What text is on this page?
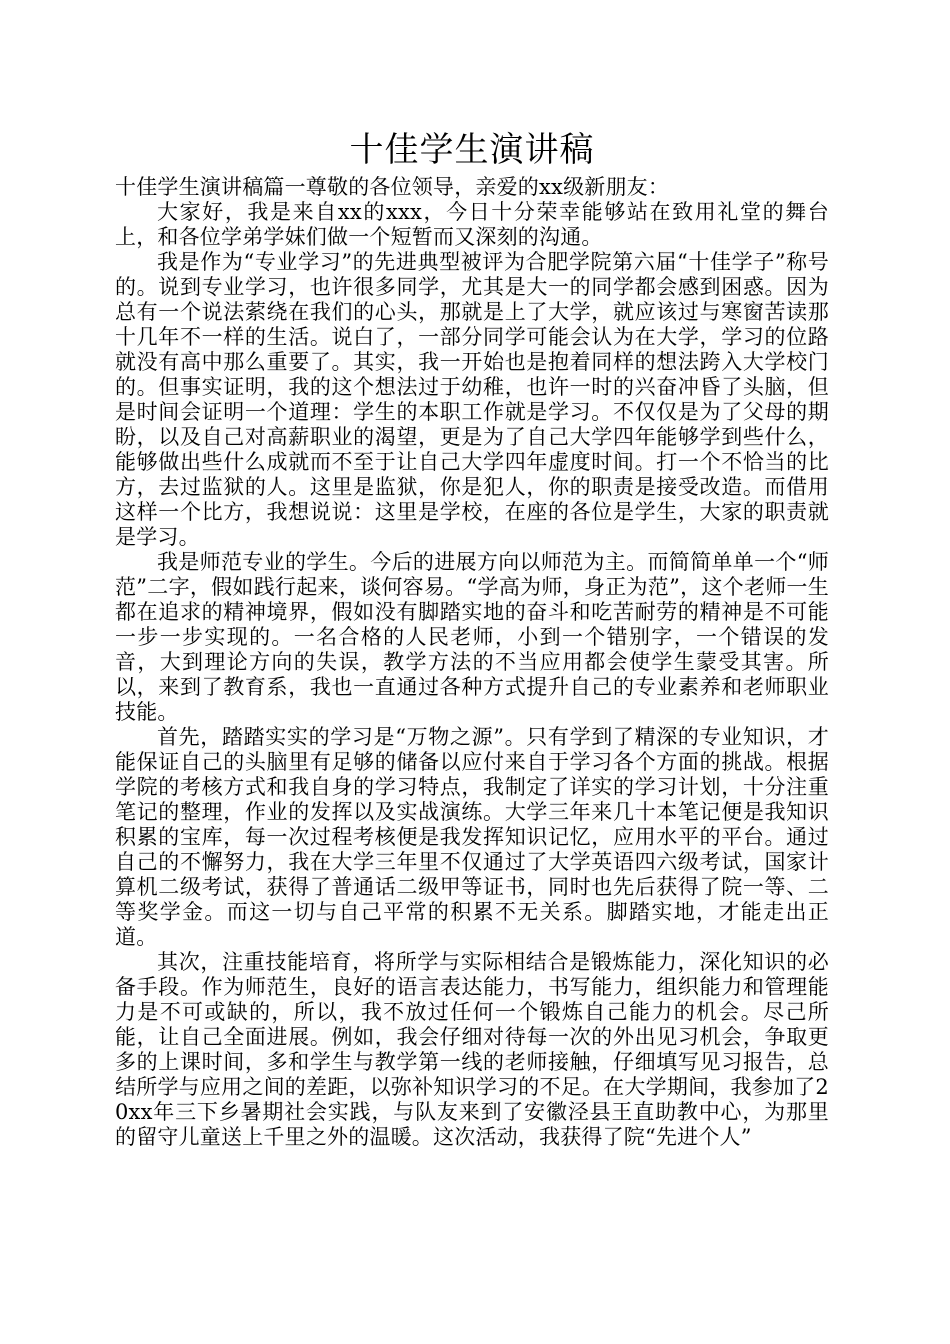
十佳学生演讲稿

十佳学生演讲稿篇一尊敬的各位领导，亲爱的xx级新朋友：

大家好，我是来自xx的xxx，今日十分荣幸能够站在致用礼堂的舞台上，和各位学弟学妹们做一个短暂而又深刻的沟通。

我是作为“专业学习”的先进典型被评为合肥学院第六届“十佳学子”称号的。说到专业学习，也许很多同学，尤其是大一的同学都会感到困惑。因为总有一个说法萦绕在我们的心头，那就是上了大学，就应该过与寒窗苦读那十几年不一样的生活。说白了，一部分同学可能会认为在大学，学习的位路就没有高中那么重要了。其实，我一开始也是抱着同样的想法跨入大学校门的。但事实证明，我的这个想法过于幼稚，也许一时的兴奋冲昏了头脑，但是时间会证明一个道理：学生的本职工作就是学习。不仅仅是为了父母的期盼，以及自己对高薪职业的渴望，更是为了自己大学四年能够学到些什么，能够做出些什么成就而不至于让自己大学四年虚度时间。打一个不恰当的比方，去过监狱的人。这里是监狱，你是犯人，你的职责是接受改造。而借用这样一个比方，我想说说：这里是学校，在座的各位是学生，大家的职责就是学习。

我是师范专业的学生。今后的进展方向以师范为主。而简简单单一个“师范”二字，假如践行起来，谈何容易。“学高为师，身正为范”，这个老师一生都在追求的精神境界，假如没有脚踏实地的奋斗和吃苦耐劳的精神是不可能一步一步实现的。一名合格的人民老师，小到一个错别字，一个错误的发音，大到理论方向的失误，教学方法的不当应用都会使学生蒙受其害。所以，来到了教育系，我也一直通过各种方式提升自己的专业素养和老师职业技能。

首先，踏踏实实的学习是“万物之源”。只有学到了精深的专业知识，才能保证自己的头脑里有足够的储备以应付来自于学习各个方面的挑战。根据学院的考核方式和我自身的学习特点，我制定了详实的学习计划，十分注重笔记的整理，作业的发挥以及实战演练。大学三年来几十本笔记便是我知识积累的宝库，每一次过程考核便是我发挥知识记忆，应用水平的平台。通过自己的不懈努力，我在大学三年里不仅通过了大学英语四六级考试，国家计算机二级考试，获得了普通话二级甲等证书，同时也先后获得了院一等、二等奖学金。而这一切与自己平常的积累不无关系。脚踏实地，才能走出正道。

其次，注重技能培育，将所学与实际相结合是锻炼能力，深化知识的必备手段。作为师范生，良好的语言表达能力，书写能力，组织能力和管理能力是不可或缺的，所以，我不放过任何一个锻炼自己能力的机会。尽己所能，让自己全面进展。例如，我会仔细对待每一次的外出见习机会，争取更多的上课时间，多和学生与教学第一线的老师接触，仔细填写见习报告，总结所学与应用之间的差距，以弥补知识学习的不足。在大学期间，我参加了20xx年三下乡暑期社会实践，与队友来到了安徽泾县王直助教中心，为那里的留守儿童送上千里之外的温暖。这次活动，我获得了院“先进个人”
